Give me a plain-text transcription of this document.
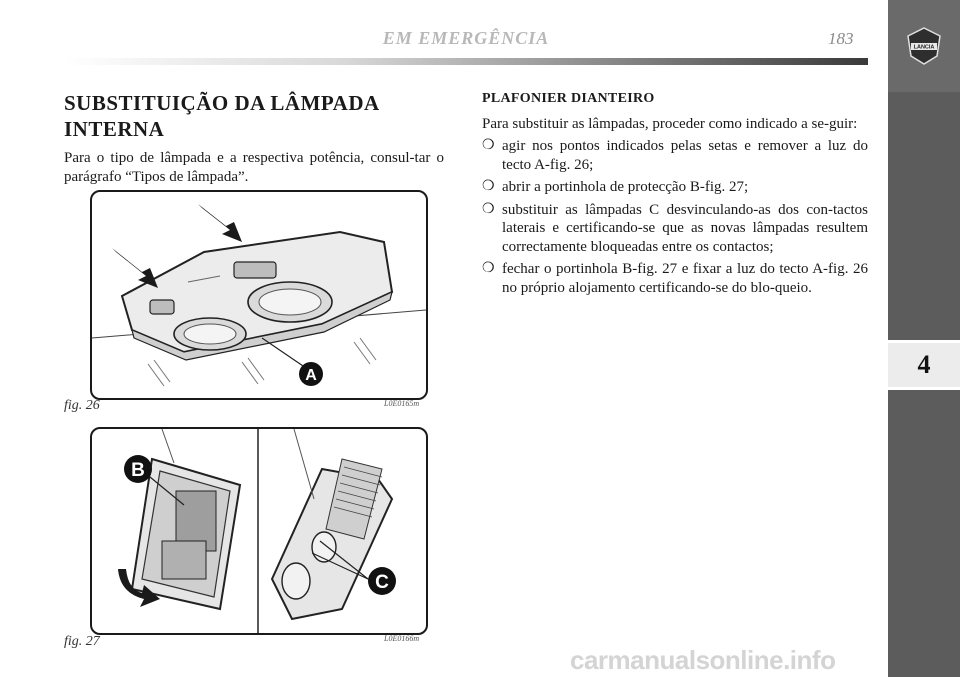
EM EMERGÊNCIA	183
4
LANCIA
SUBSTITUIÇÃO DA LÂMPADA
INTERNA

Para o tipo de lâmpada e a respectiva potência, consul-tar o parágrafo “Tipos de lâmpada”.

A
fig. 26	L0E0165m
B
C
fig. 27	L0E0166m

PLAFONIER DIANTEIRO

Para substituir as lâmpadas, proceder como indicado a se-guir:

❍ agir nos pontos indicados pelas setas e remover a luz do tecto A-fig. 26;
❍ abrir a portinhola de protecção B-fig. 27;
❍ substituir as lâmpadas C desvinculando-as dos con-tactos laterais e certificando-se que as novas lâmpadas resultem correctamente bloqueadas entre os contactos;
❍ fechar o portinhola B-fig. 27 e fixar a luz do tecto A-fig. 26 no próprio alojamento certificando-se do blo-queio.
carmanualsonline.info
